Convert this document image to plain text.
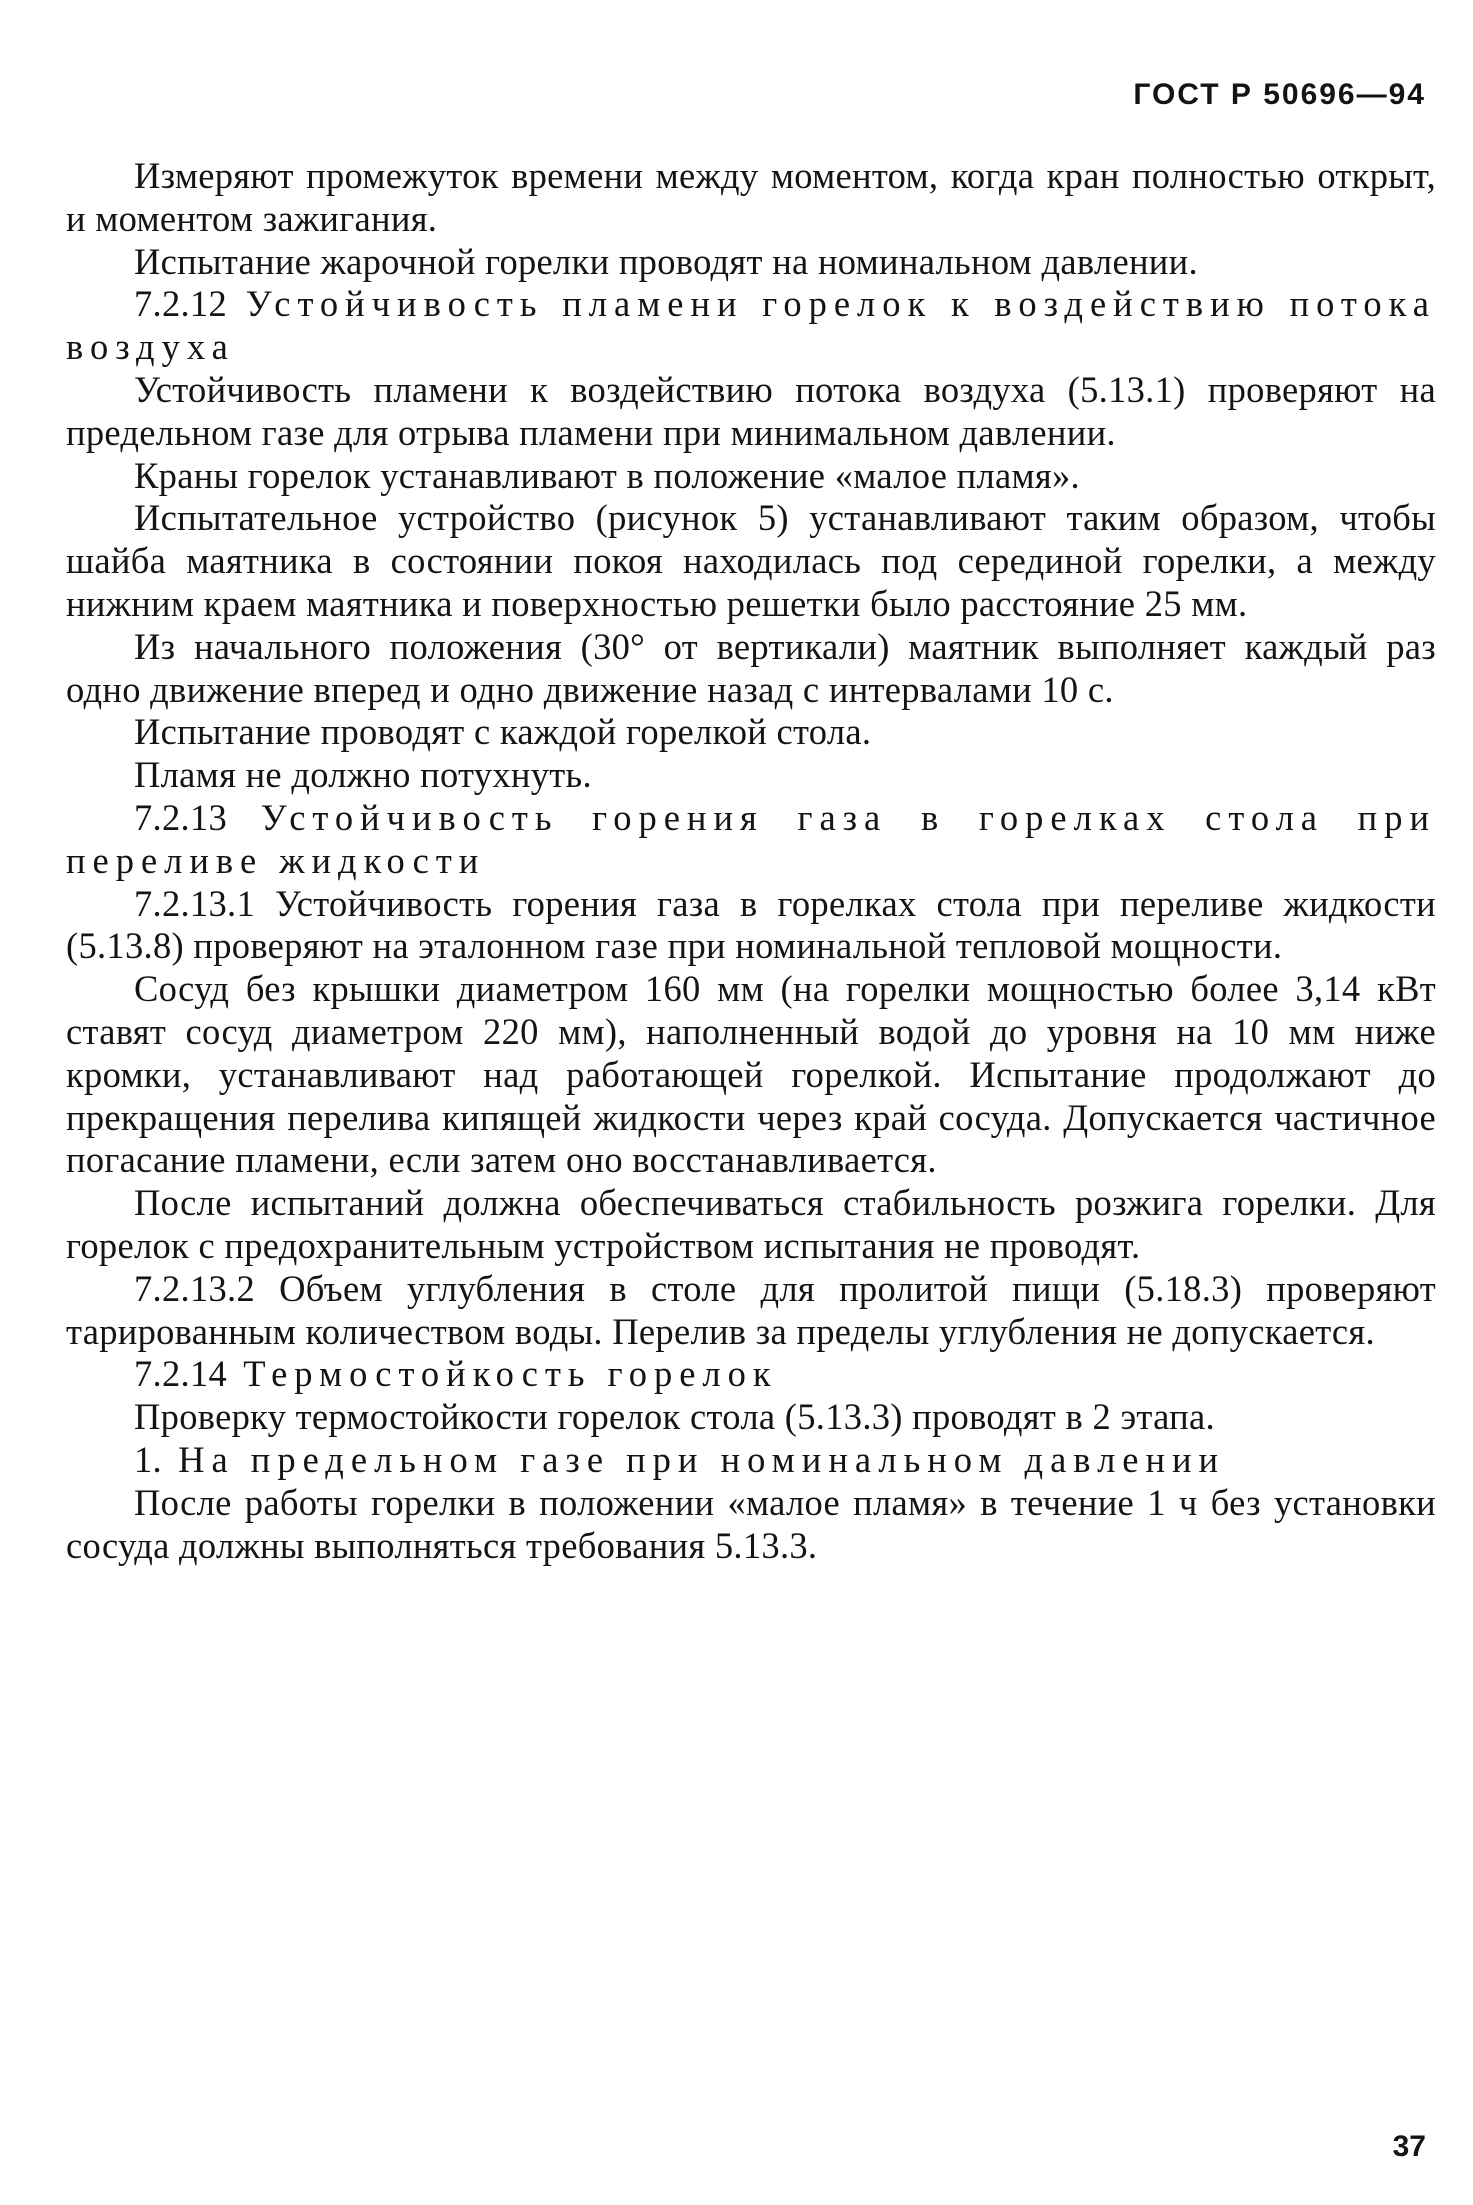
ГОСТ Р 50696—94

Измеряют промежуток времени между моментом, когда кран полностью открыт, и моментом зажигания.

Испытание жарочной горелки проводят на номинальном давлении.

7.2.12 Устойчивость пламени горелок к воздействию потока воздуха

Устойчивость пламени к воздействию потока воздуха (5.13.1) проверяют на предельном газе для отрыва пламени при минимальном давлении.

Краны горелок устанавливают в положение «малое пламя».

Испытательное устройство (рисунок 5) устанавливают таким образом, чтобы шайба маятника в состоянии покоя находилась под серединой горелки, а между нижним краем маятника и поверхностью решетки было расстояние 25 мм.

Из начального положения (30° от вертикали) маятник выполняет каждый раз одно движение вперед и одно движение назад с интервалами 10 с.

Испытание проводят с каждой горелкой стола.

Пламя не должно потухнуть.

7.2.13 Устойчивость горения газа в горелках стола при переливе жидкости

7.2.13.1 Устойчивость горения газа в горелках стола при переливе жидкости (5.13.8) проверяют на эталонном газе при номинальной тепловой мощности.

Сосуд без крышки диаметром 160 мм (на горелки мощностью более 3,14 кВт ставят сосуд диаметром 220 мм), наполненный водой до уровня на 10 мм ниже кромки, устанавливают над работающей горелкой. Испытание продолжают до прекращения перелива кипящей жидкости через край сосуда. Допускается частичное погасание пламени, если затем оно восстанавливается.

После испытаний должна обеспечиваться стабильность розжига горелки. Для горелок с предохранительным устройством испытания не проводят.

7.2.13.2 Объем углубления в столе для пролитой пищи (5.18.3) проверяют тарированным количеством воды. Перелив за пределы углубления не допускается.

7.2.14 Термостойкость горелок

Проверку термостойкости горелок стола (5.13.3) проводят в 2 этапа.

1. На предельном газе при номинальном давлении

После работы горелки в положении «малое пламя» в течение 1 ч без установки сосуда должны выполняться требования 5.13.3.

37
